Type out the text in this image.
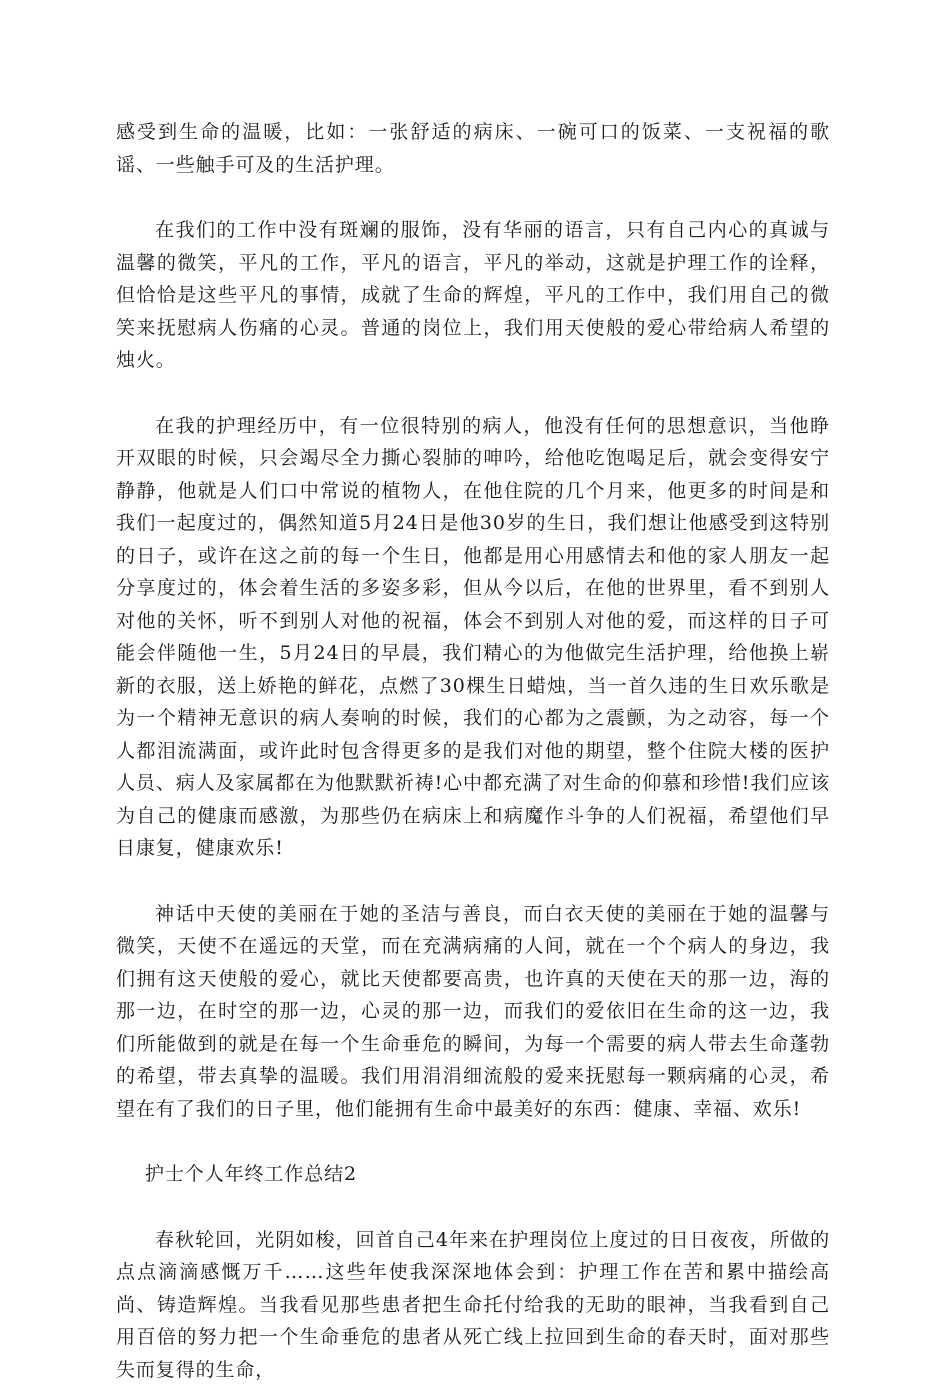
感受到生命的温暖，比如：一张舒适的病床、一碗可口的饭菜、一支祝福的歌谣、一些触手可及的生活护理。

在我们的工作中没有斑斓的服饰，没有华丽的语言，只有自己内心的真诚与温馨的微笑，平凡的工作，平凡的语言，平凡的举动，这就是护理工作的诠释，但恰恰是这些平凡的事情，成就了生命的辉煌，平凡的工作中，我们用自己的微笑来抚慰病人伤痛的心灵。普通的岗位上，我们用天使般的爱心带给病人希望的烛火。

在我的护理经历中，有一位很特别的病人，他没有任何的思想意识，当他睁开双眼的时候，只会竭尽全力撕心裂肺的呻吟，给他吃饱喝足后，就会变得安宁静静，他就是人们口中常说的植物人，在他住院的几个月来，他更多的时间是和我们一起度过的，偶然知道5月24日是他30岁的生日，我们想让他感受到这特别的日子，或许在这之前的每一个生日，他都是用心用感情去和他的家人朋友一起分享度过的，体会着生活的多姿多彩，但从今以后，在他的世界里，看不到别人对他的关怀，听不到别人对他的祝福，体会不到别人对他的爱，而这样的日子可能会伴随他一生，5月24日的早晨，我们精心的为他做完生活护理，给他换上崭新的衣服，送上娇艳的鲜花，点燃了30棵生日蜡烛，当一首久违的生日欢乐歌是为一个精神无意识的病人奏响的时候，我们的心都为之震颤，为之动容，每一个人都泪流满面，或许此时包含得更多的是我们对他的期望，整个住院大楼的医护人员、病人及家属都在为他默默祈祷!心中都充满了对生命的仰慕和珍惜!我们应该为自己的健康而感激，为那些仍在病床上和病魔作斗争的人们祝福，希望他们早日康复，健康欢乐!

神话中天使的美丽在于她的圣洁与善良，而白衣天使的美丽在于她的温馨与微笑，天使不在遥远的天堂，而在充满病痛的人间，就在一个个病人的身边，我们拥有这天使般的爱心，就比天使都要高贵，也许真的天使在天的那一边，海的那一边，在时空的那一边，心灵的那一边，而我们的爱依旧在生命的这一边，我们所能做到的就是在每一个生命垂危的瞬间，为每一个需要的病人带去生命蓬勃的希望，带去真挚的温暖。我们用涓涓细流般的爱来抚慰每一颗病痛的心灵，希望在有了我们的日子里，他们能拥有生命中最美好的东西：健康、幸福、欢乐!

护士个人年终工作总结2

春秋轮回，光阴如梭，回首自己4年来在护理岗位上度过的日日夜夜，所做的点点滴滴感慨万千……这些年使我深深地体会到：护理工作在苦和累中描绘高尚、铸造辉煌。当我看见那些患者把生命托付给我的无助的眼神，当我看到自己用百倍的努力把一个生命垂危的患者从死亡线上拉回到生命的春天时，面对那些失而复得的生命，
